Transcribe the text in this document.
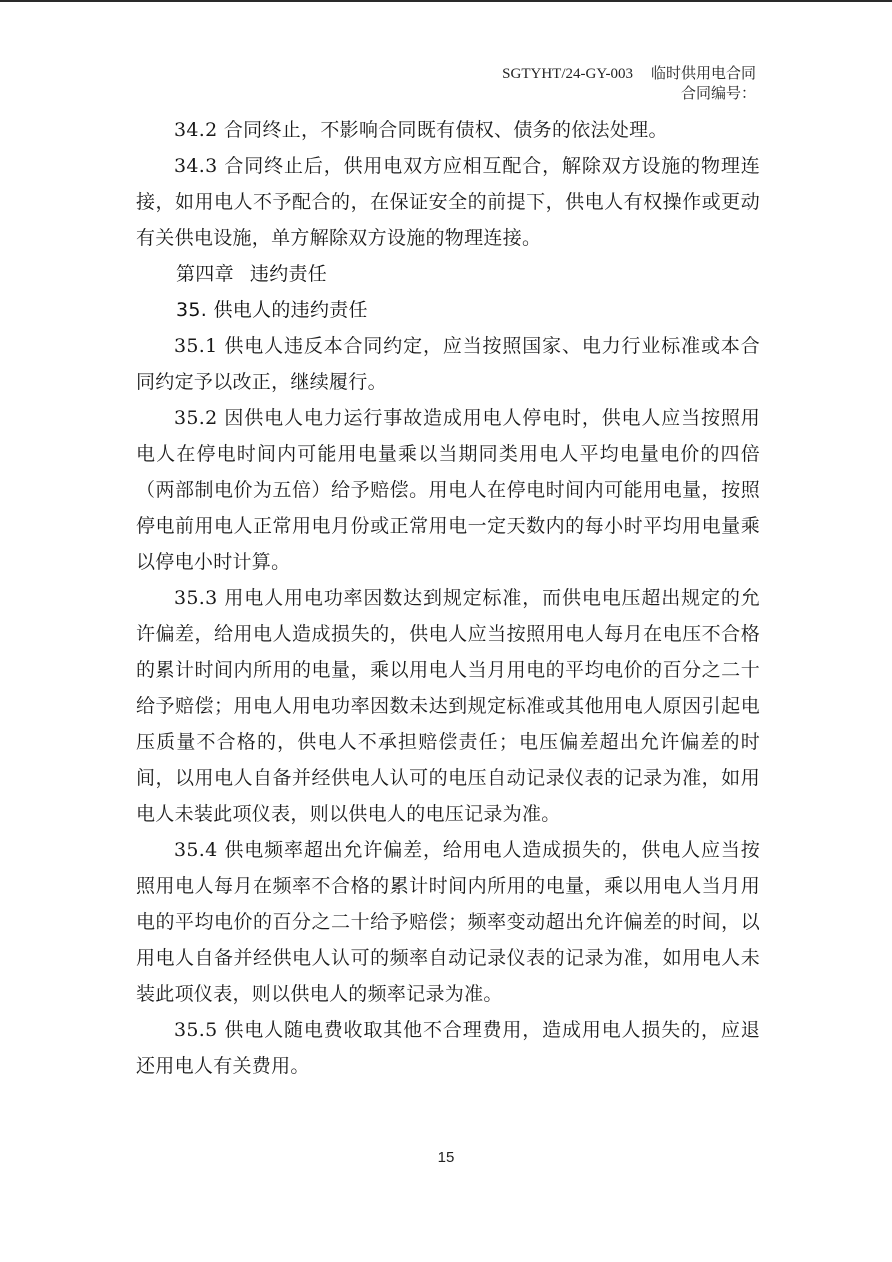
SGTYHT/24-GY-003 临时供用电合同
合同编号：

34.2 合同终止，不影响合同既有债权、债务的依法处理。

34.3 合同终止后，供用电双方应相互配合，解除双方设施的物理连接，如用电人不予配合的，在保证安全的前提下，供电人有权操作或更动有关供电设施，单方解除双方设施的物理连接。

第四章 违约责任

35. 供电人的违约责任

35.1 供电人违反本合同约定，应当按照国家、电力行业标准或本合同约定予以改正，继续履行。

35.2 因供电人电力运行事故造成用电人停电时，供电人应当按照用电人在停电时间内可能用电量乘以当期同类用电人平均电量电价的四倍（两部制电价为五倍）给予赔偿。用电人在停电时间内可能用电量，按照停电前用电人正常用电月份或正常用电一定天数内的每小时平均用电量乘以停电小时计算。

35.3 用电人用电功率因数达到规定标准，而供电电压超出规定的允许偏差，给用电人造成损失的，供电人应当按照用电人每月在电压不合格的累计时间内所用的电量，乘以用电人当月用电的平均电价的百分之二十给予赔偿；用电人用电功率因数未达到规定标准或其他用电人原因引起电压质量不合格的，供电人不承担赔偿责任；电压偏差超出允许偏差的时间，以用电人自备并经供电人认可的电压自动记录仪表的记录为准，如用电人未装此项仪表，则以供电人的电压记录为准。

35.4 供电频率超出允许偏差，给用电人造成损失的，供电人应当按照用电人每月在频率不合格的累计时间内所用的电量，乘以用电人当月用电的平均电价的百分之二十给予赔偿；频率变动超出允许偏差的时间，以用电人自备并经供电人认可的频率自动记录仪表的记录为准，如用电人未装此项仪表，则以供电人的频率记录为准。

35.5 供电人随电费收取其他不合理费用，造成用电人损失的，应退还用电人有关费用。

15
